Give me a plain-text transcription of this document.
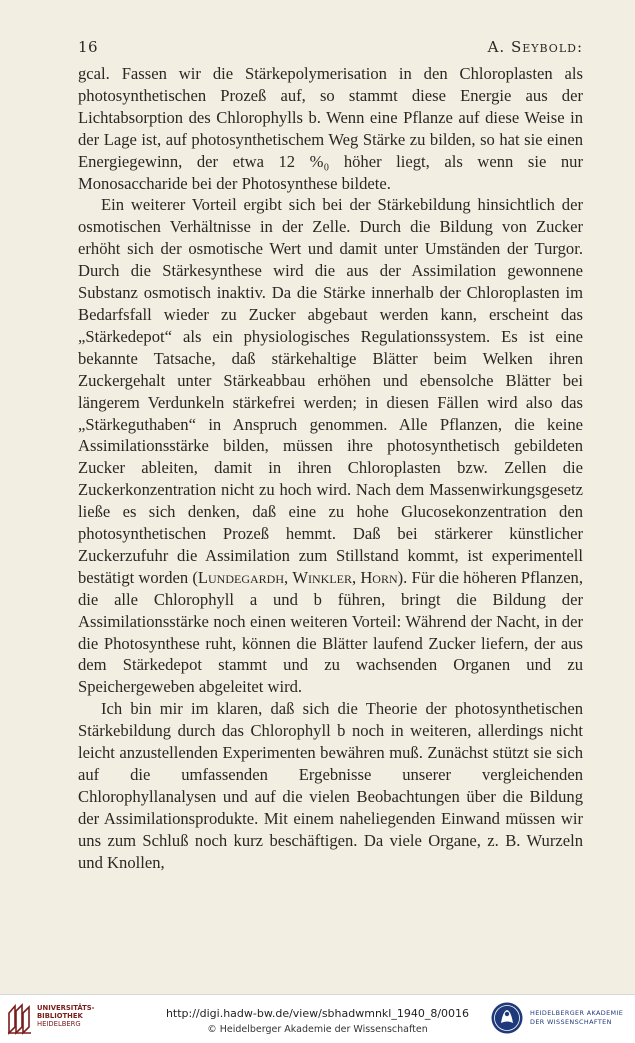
16	A. Seybold:

gcal. Fassen wir die Stärkepolymerisation in den Chloroplasten als photosynthetischen Prozeß auf, so stammt diese Energie aus der Lichtabsorption des Chlorophylls b. Wenn eine Pflanze auf diese Weise in der Lage ist, auf photosynthetischem Weg Stärke zu bilden, so hat sie einen Energiegewinn, der etwa 12 %₀ höher liegt, als wenn sie nur Monosaccharide bei der Photosynthese bildete.

Ein weiterer Vorteil ergibt sich bei der Stärkebildung hinsichtlich der osmotischen Verhältnisse in der Zelle. Durch die Bildung von Zucker erhöht sich der osmotische Wert und damit unter Umständen der Turgor. Durch die Stärkesynthese wird die aus der Assimilation gewonnene Substanz osmotisch inaktiv. Da die Stärke innerhalb der Chloroplasten im Bedarfsfall wieder zu Zucker abgebaut werden kann, erscheint das „Stärkedepot“ als ein physiologisches Regulationssystem. Es ist eine bekannte Tatsache, daß stärkehaltige Blätter beim Welken ihren Zuckergehalt unter Stärkeabbau erhöhen und ebensolche Blätter bei längerem Verdunkeln stärkefrei werden; in diesen Fällen wird also das „Stärkeguthaben“ in Anspruch genommen. Alle Pflanzen, die keine Assimilationsstärke bilden, müssen ihre photosynthetisch gebildeten Zucker ableiten, damit in ihren Chloroplasten bzw. Zellen die Zuckerkonzentration nicht zu hoch wird. Nach dem Massenwirkungsgesetz ließe es sich denken, daß eine zu hohe Glucosekonzentration den photosynthetischen Prozeß hemmt. Daß bei stärkerer künstlicher Zuckerzufuhr die Assimilation zum Stillstand kommt, ist experimentell bestätigt worden (Lundegardh, Winkler, Horn). Für die höheren Pflanzen, die alle Chlorophyll a und b führen, bringt die Bildung der Assimilationsstärke noch einen weiteren Vorteil: Während der Nacht, in der die Photosynthese ruht, können die Blätter laufend Zucker liefern, der aus dem Stärkedepot stammt und zu wachsenden Organen und zu Speichergeweben abgeleitet wird.

Ich bin mir im klaren, daß sich die Theorie der photosynthetischen Stärkebildung durch das Chlorophyll b noch in weiteren, allerdings nicht leicht anzustellenden Experimenten bewähren muß. Zunächst stützt sie sich auf die umfassenden Ergebnisse unserer vergleichenden Chlorophyllanalysen und auf die vielen Beobachtungen über die Bildung der Assimilationsprodukte. Mit einem naheliegenden Einwand müssen wir uns zum Schluß noch kurz beschäftigen. Da viele Organe, z. B. Wurzeln und Knollen,

UNIVERSITÄTS-
BIBLIOTHEK
HEIDELBERG
http://digi.hadw-bw.de/view/sbhadwmnkl_1940_8/0016
© Heidelberger Akademie der Wissenschaften
HEIDELBERGER AKADEMIE
DER WISSENSCHAFTEN
